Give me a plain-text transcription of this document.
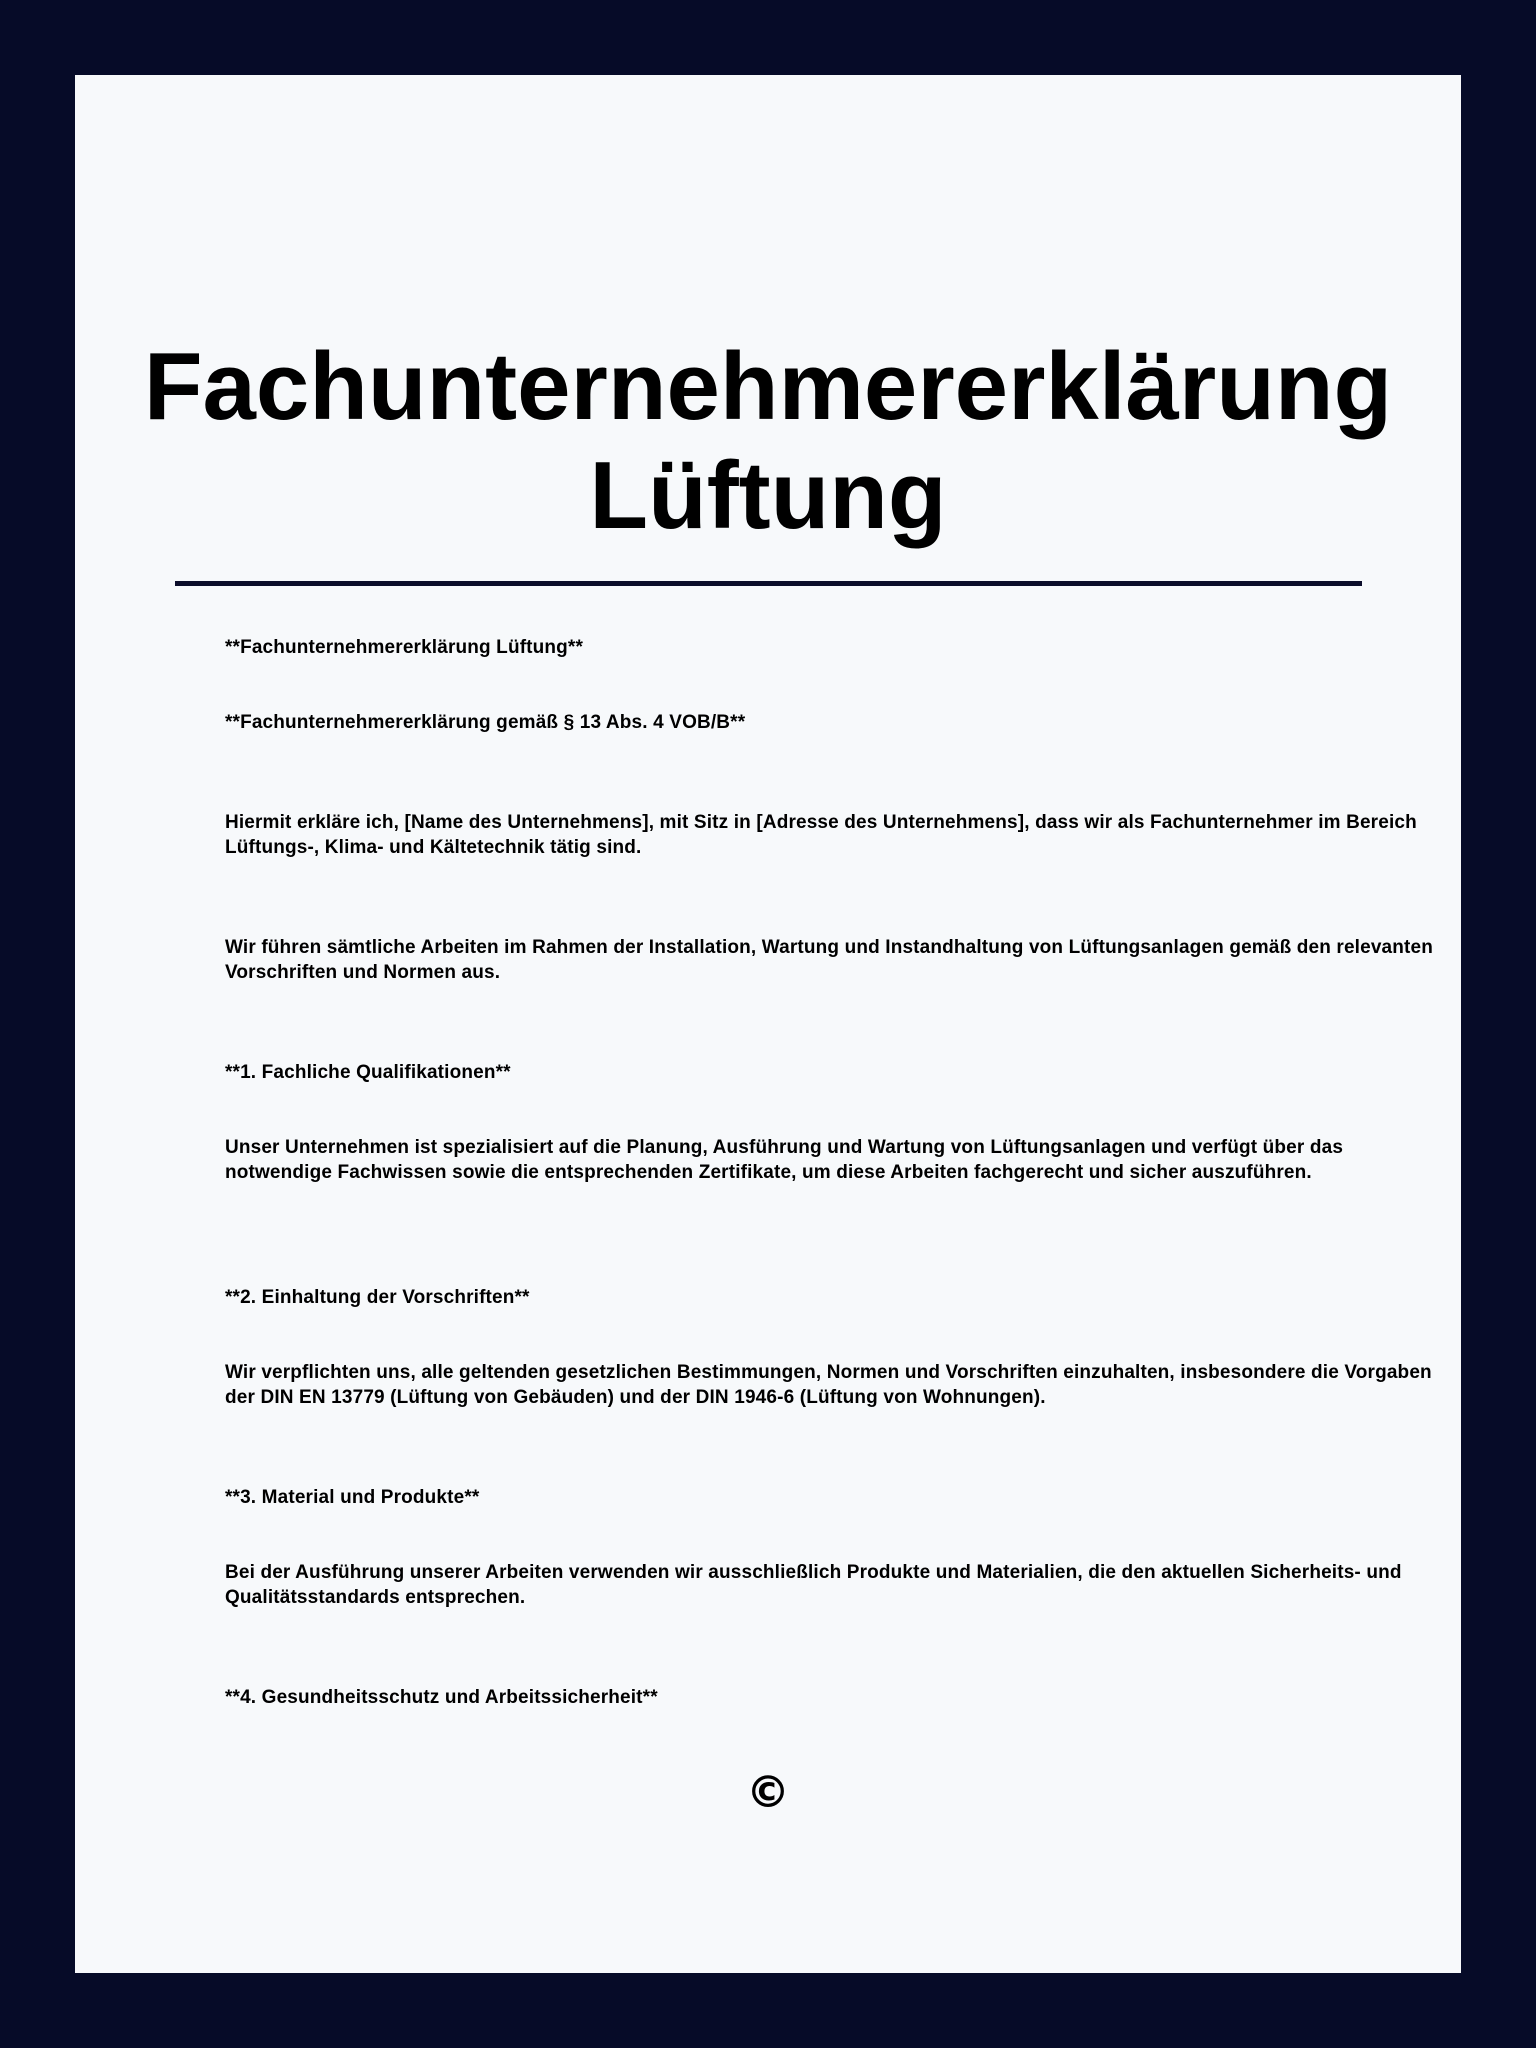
Fachunternehmererklärung
Lüftung

**Fachunternehmererklärung Lüftung**

**Fachunternehmererklärung gemäß § 13 Abs. 4 VOB/B**

Hiermit erkläre ich, [Name des Unternehmens], mit Sitz in [Adresse des Unternehmens], dass wir als Fachunternehmer im Bereich Lüftungs-, Klima- und Kältetechnik tätig sind.

Wir führen sämtliche Arbeiten im Rahmen der Installation, Wartung und Instandhaltung von Lüftungsanlagen gemäß den relevanten Vorschriften und Normen aus.

**1. Fachliche Qualifikationen**

Unser Unternehmen ist spezialisiert auf die Planung, Ausführung und Wartung von Lüftungsanlagen und verfügt über das notwendige Fachwissen sowie die entsprechenden Zertifikate, um diese Arbeiten fachgerecht und sicher auszuführen.

**2. Einhaltung der Vorschriften**

Wir verpflichten uns, alle geltenden gesetzlichen Bestimmungen, Normen und Vorschriften einzuhalten, insbesondere die Vorgaben der DIN EN 13779 (Lüftung von Gebäuden) und der DIN 1946-6 (Lüftung von Wohnungen).

**3. Material und Produkte**

Bei der Ausführung unserer Arbeiten verwenden wir ausschließlich Produkte und Materialien, die den aktuellen Sicherheits- und Qualitätsstandards entsprechen.

**4. Gesundheitsschutz und Arbeitssicherheit**

©
